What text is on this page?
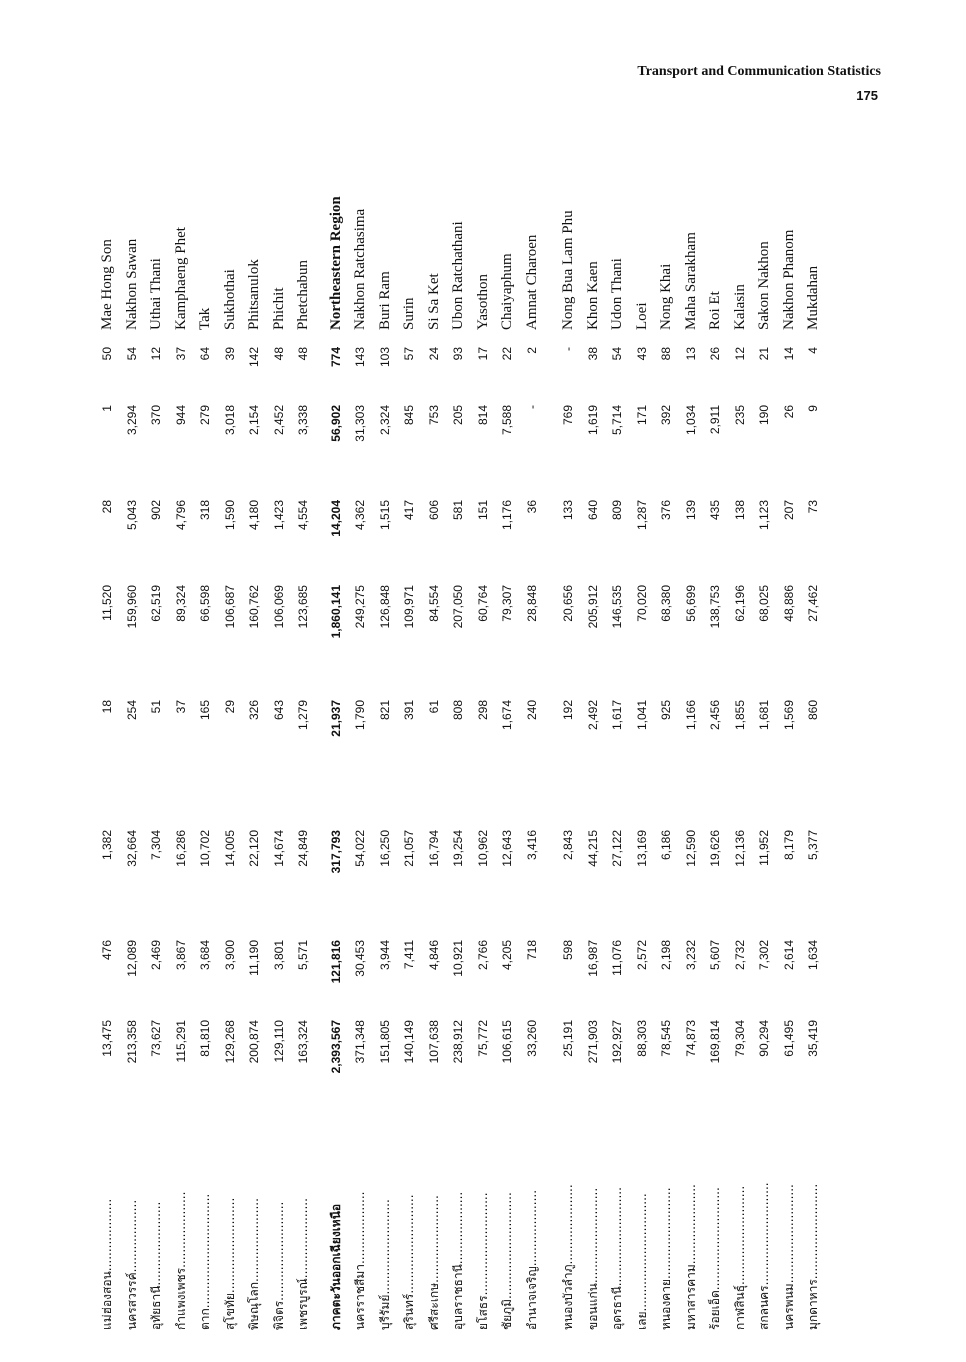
Transport and Communication Statistics
175
แม่ฮ่องสอน...................
13,475
476
1,382
18
11,520
28
1
50
Mae Hong Son
นครสวรรค์...................
213,358
12,089
32,664
254
159,960
5,043
3,294
54
Nakhon Sawan
อุทัยธานี......................
73,627
2,469
7,304
51
62,519
902
370
12
Uthai Thani
กำแพงเพชร....................
115,291
3,867
16,286
37
89,324
4,796
944
37
Kamphaeng Phet
ตาก..............................
81,810
3,684
10,702
165
66,598
318
279
64
Tak
สุโขทัย.........................
129,268
3,900
14,005
29
106,687
1,590
3,018
39
Sukhothai
พิษณุโลก......................
200,874
11,190
22,120
326
160,762
4,180
2,154
142
Phitsanulok
พิจิตร..........................
129,110
3,801
14,674
643
106,069
1,423
2,452
48
Phichit
เพชรบูรณ์.....................
163,324
5,571
24,849
1,279
123,685
4,554
3,338
48
Phetchabun
ภาคตะวันออกเฉียงเหนือ
2,393,567
121,816
317,793
21,937
1,860,141
14,204
56,902
774
Northeastern Region
นครราชสีมา...................
371,348
30,453
54,022
1,790
249,275
4,362
31,303
143
Nakhon Ratchasima
บุรีรัมย์.........................
151,805
3,944
16,250
821
126,848
1,515
2,324
103
Buri Ram
สุรินทร์..........................
140,149
7,411
21,057
391
109,971
417
845
57
Surin
ศรีสะเกษ.......................
107,638
4,846
16,794
61
84,554
606
753
24
Si Sa Ket
อุบลราชธานี...................
238,912
10,921
19,254
808
207,050
581
205
93
Ubon Ratchathani
ยโสธร...........................
75,772
2,766
10,962
298
60,764
151
814
17
Yasothon
ชัยภูมิ............................
106,615
4,205
12,643
1,674
79,307
1,176
7,588
22
Chaiyaphum
อำนาจเจริญ....................
33,260
718
3,416
240
28,848
36
-
2
Amnat Charoen
หนองบัวลำภู.....................
25,191
598
2,843
192
20,656
133
769
-
Nong Bua Lam Phu
ขอนแก่น.........................
271,903
16,987
44,215
2,492
205,912
640
1,619
38
Khon Kaen
อุดรธานี..........................
192,927
11,076
27,122
1,617
146,535
809
5,714
54
Udon Thani
เลย...............................
88,303
2,572
13,169
1,041
70,020
1,287
171
43
Loei
หนองคาย........................
78,545
2,198
6,186
925
68,380
376
392
88
Nong Khai
มหาสารคาม.....................
74,873
3,232
12,590
1,166
56,699
139
1,034
13
Maha Sarakham
ร้อยเอ็ด...........................
169,814
5,607
19,626
2,456
138,753
435
2,911
26
Roi Et
กาฬสินธุ์..........................
79,304
2,732
12,136
1,855
62,196
138
235
12
Kalasin
สกลนคร...........................
90,294
7,302
11,952
1,681
68,025
1,123
190
21
Sakon Nakhon
นครพนม..........................
61,495
2,614
8,179
1,569
48,886
207
26
14
Nakhon Phanom
มุกดาหาร.........................
35,419
1,634
5,377
860
27,462
73
9
4
Mukdahan
